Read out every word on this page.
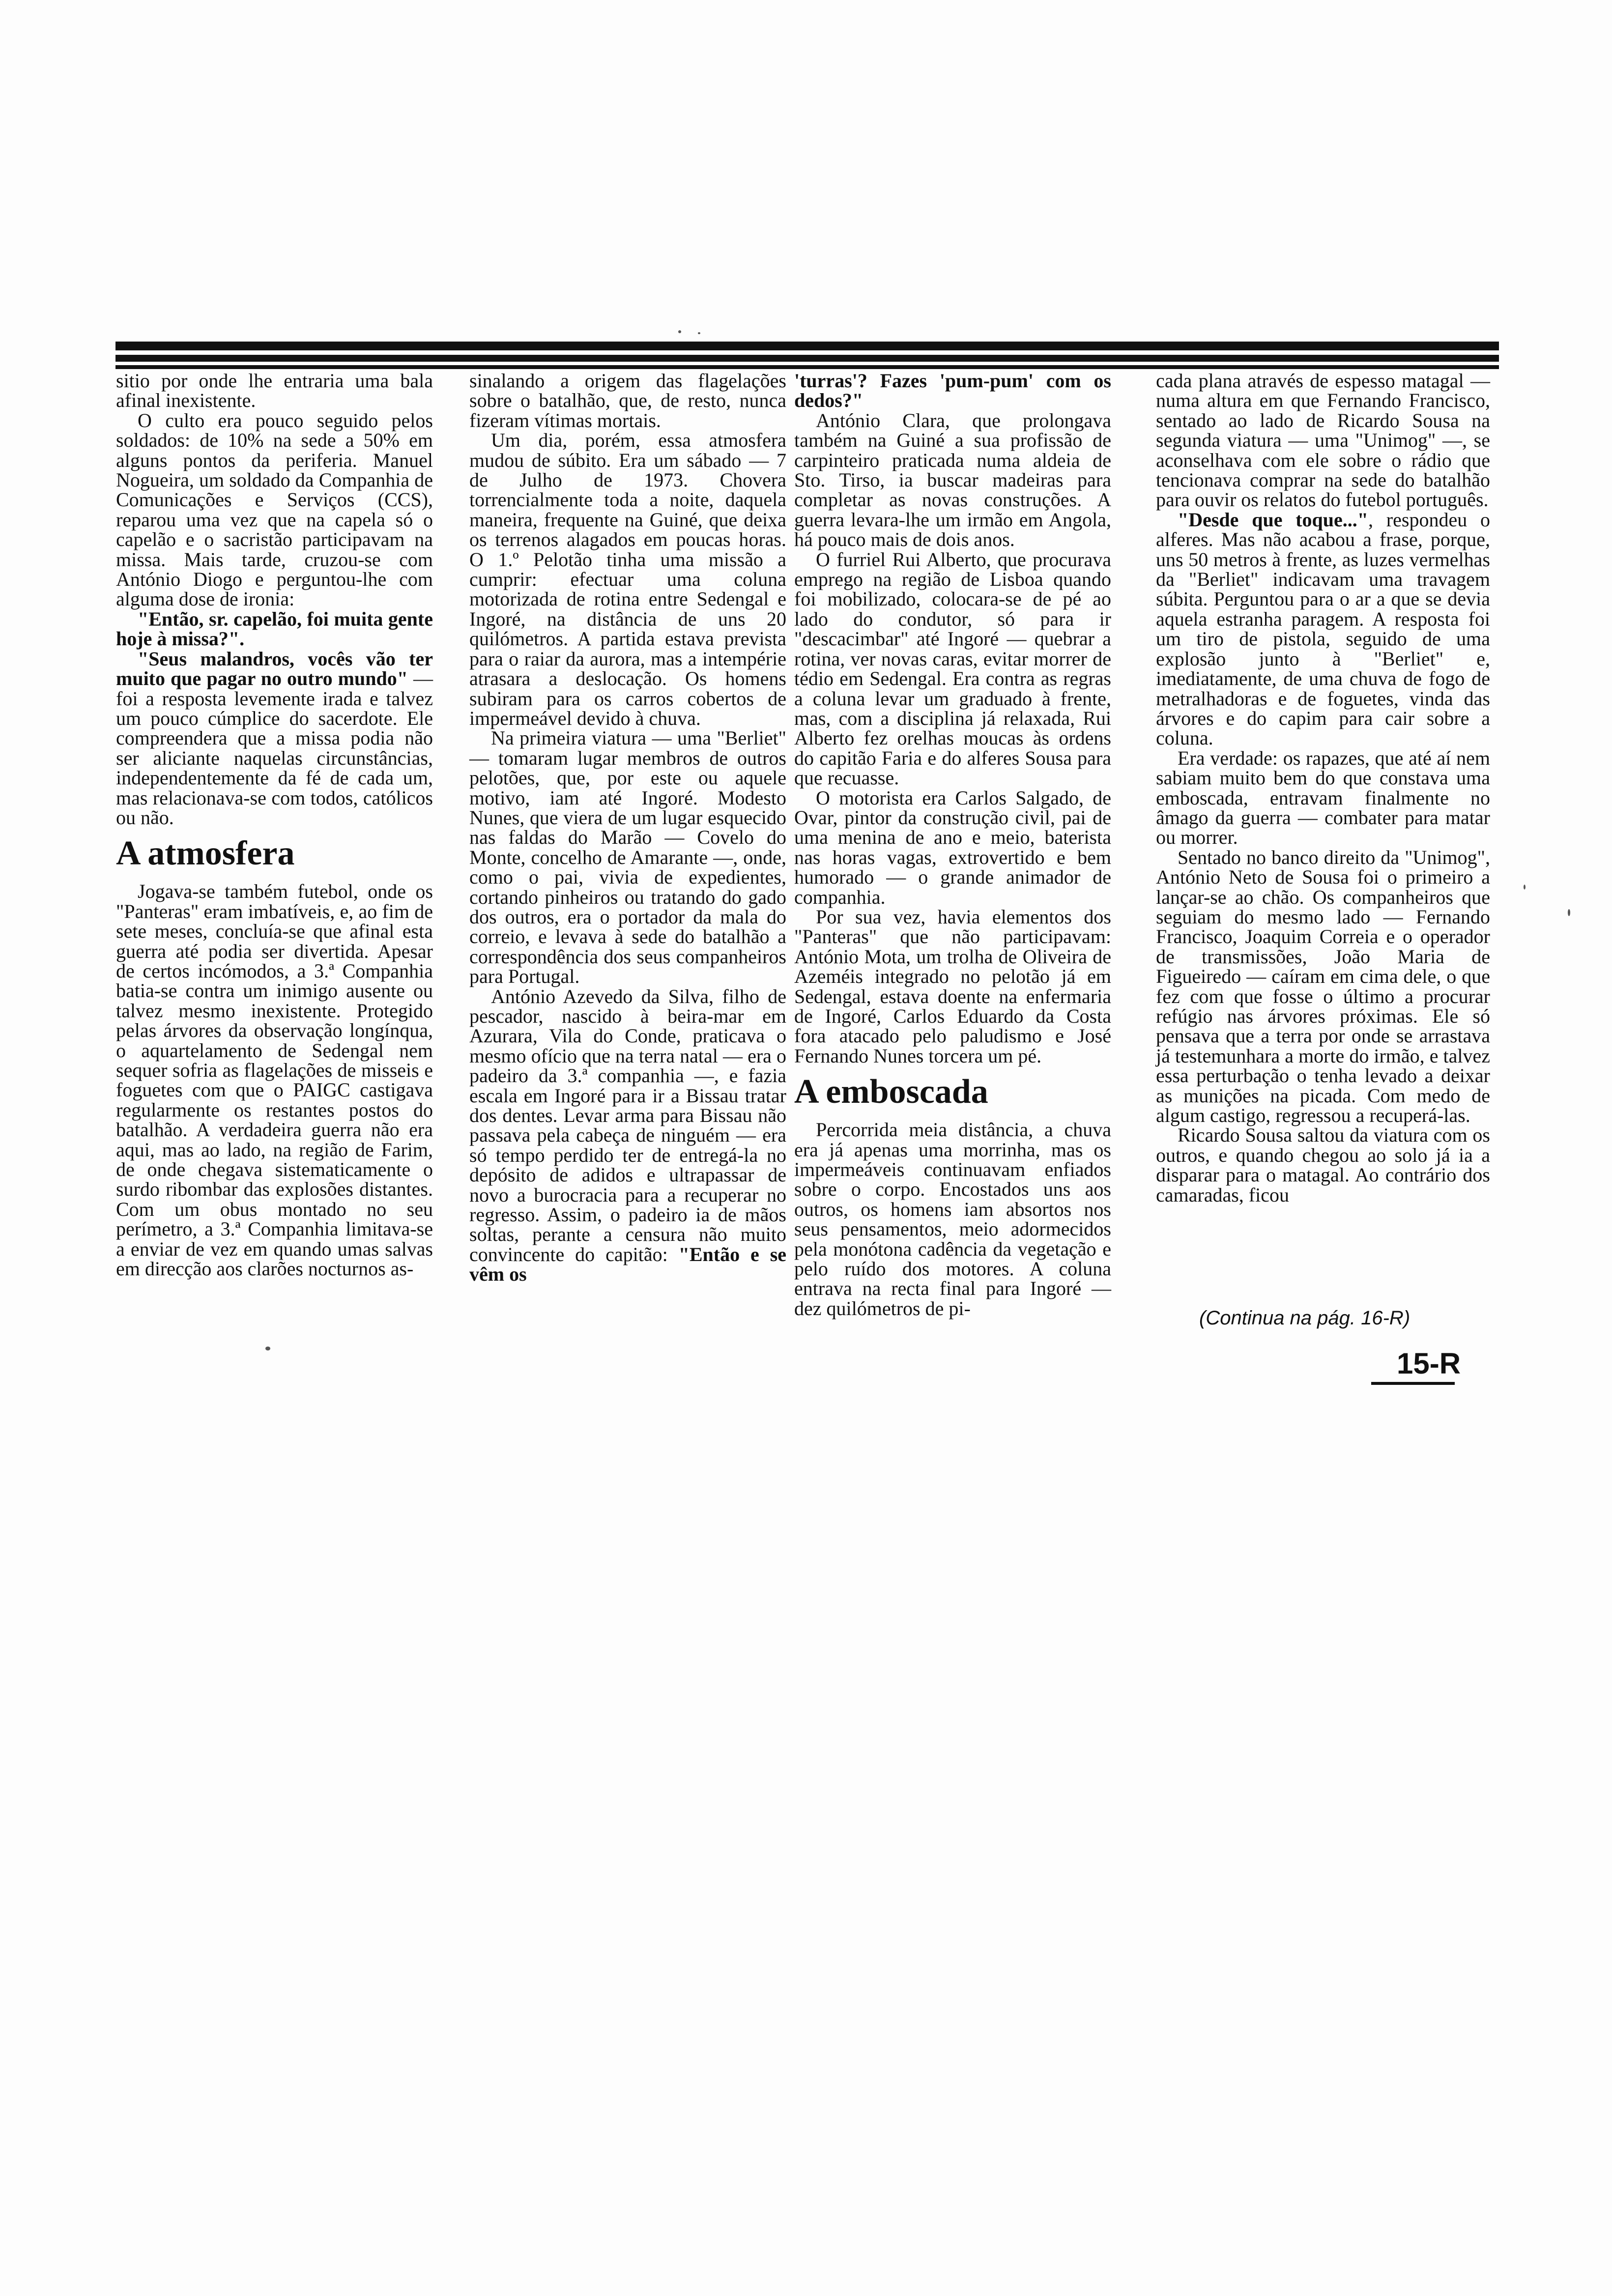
sitio por onde lhe entraria uma bala afinal inexistente.

O culto era pouco seguido pelos soldados: de 10% na sede a 50% em alguns pontos da periferia. Manuel Nogueira, um soldado da Companhia de Comunicações e Serviços (CCS), reparou uma vez que na capela só o capelão e o sacristão participavam na missa. Mais tarde, cruzou-se com António Diogo e perguntou-lhe com alguma dose de ironia:

"Então, sr. capelão, foi muita gente hoje à missa?".

"Seus malandros, vocês vão ter muito que pagar no outro mundo" — foi a resposta levemente irada e talvez um pouco cúmplice do sacerdote. Ele compreendera que a missa podia não ser aliciante naquelas circunstâncias, independentemente da fé de cada um, mas relacionava-se com todos, católicos ou não.

A atmosfera

Jogava-se também futebol, onde os "Panteras" eram imbatíveis, e, ao fim de sete meses, concluía-se que afinal esta guerra até podia ser divertida. Apesar de certos incómodos, a 3.ª Companhia batia-se contra um inimigo ausente ou talvez mesmo inexistente. Protegido pelas árvores da observação longínqua, o aquartelamento de Sedengal nem sequer sofria as flagelações de misseis e foguetes com que o PAIGC castigava regularmente os restantes postos do batalhão. A verdadeira guerra não era aqui, mas ao lado, na região de Farim, de onde chegava sistematicamente o surdo ribombar das explosões distantes. Com um obus montado no seu perímetro, a 3.ª Companhia limitava-se a enviar de vez em quando umas salvas em direcção aos clarões nocturnos as-

sinalando a origem das flagelações sobre o batalhão, que, de resto, nunca fizeram vítimas mortais.

Um dia, porém, essa atmosfera mudou de súbito. Era um sábado — 7 de Julho de 1973. Chovera torrencialmente toda a noite, daquela maneira, frequente na Guiné, que deixa os terrenos alagados em poucas horas. O 1.º Pelotão tinha uma missão a cumprir: efectuar uma coluna motorizada de rotina entre Sedengal e Ingoré, na distância de uns 20 quilómetros. A partida estava prevista para o raiar da aurora, mas a intempérie atrasara a deslocação. Os homens subiram para os carros cobertos de impermeável devido à chuva.

Na primeira viatura — uma "Berliet" — tomaram lugar membros de outros pelotões, que, por este ou aquele motivo, iam até Ingoré. Modesto Nunes, que viera de um lugar esquecido nas faldas do Marão — Covelo do Monte, concelho de Amarante —, onde, como o pai, vivia de expedientes, cortando pinheiros ou tratando do gado dos outros, era o portador da mala do correio, e levava à sede do batalhão a correspondência dos seus companheiros para Portugal.

António Azevedo da Silva, filho de pescador, nascido à beira-mar em Azurara, Vila do Conde, praticava o mesmo ofício que na terra natal — era o padeiro da 3.ª companhia —, e fazia escala em Ingoré para ir a Bissau tratar dos dentes. Levar arma para Bissau não passava pela cabeça de ninguém — era só tempo perdido ter de entregá-la no depósito de adidos e ultrapassar de novo a burocracia para a recuperar no regresso. Assim, o padeiro ia de mãos soltas, perante a censura não muito convincente do capitão: "Então e se vêm os

'turras'? Fazes 'pum-pum' com os dedos?"

António Clara, que prolongava também na Guiné a sua profissão de carpinteiro praticada numa aldeia de Sto. Tirso, ia buscar madeiras para completar as novas construções. A guerra levara-lhe um irmão em Angola, há pouco mais de dois anos.

O furriel Rui Alberto, que procurava emprego na região de Lisboa quando foi mobilizado, colocara-se de pé ao lado do condutor, só para ir "descacimbar" até Ingoré — quebrar a rotina, ver novas caras, evitar morrer de tédio em Sedengal. Era contra as regras a coluna levar um graduado à frente, mas, com a disciplina já relaxada, Rui Alberto fez orelhas moucas às ordens do capitão Faria e do alferes Sousa para que recuasse.

O motorista era Carlos Salgado, de Ovar, pintor da construção civil, pai de uma menina de ano e meio, baterista nas horas vagas, extrovertido e bem humorado — o grande animador de companhia.

Por sua vez, havia elementos dos "Panteras" que não participavam: António Mota, um trolha de Oliveira de Azeméis integrado no pelotão já em Sedengal, estava doente na enfermaria de Ingoré, Carlos Eduardo da Costa fora atacado pelo paludismo e José Fernando Nunes torcera um pé.

A emboscada

Percorrida meia distância, a chuva era já apenas uma morrinha, mas os impermeáveis continuavam enfiados sobre o corpo. Encostados uns aos outros, os homens iam absortos nos seus pensamentos, meio adormecidos pela monótona cadência da vegetação e pelo ruído dos motores. A coluna entrava na recta final para Ingoré — dez quilómetros de pi-

cada plana através de espesso matagal — numa altura em que Fernando Francisco, sentado ao lado de Ricardo Sousa na segunda viatura — uma "Unimog" —, se aconselhava com ele sobre o rádio que tencionava comprar na sede do batalhão para ouvir os relatos do futebol português.

"Desde que toque...", respondeu o alferes. Mas não acabou a frase, porque, uns 50 metros à frente, as luzes vermelhas da "Berliet" indicavam uma travagem súbita. Perguntou para o ar a que se devia aquela estranha paragem. A resposta foi um tiro de pistola, seguido de uma explosão junto à "Berliet" e, imediatamente, de uma chuva de fogo de metralhadoras e de foguetes, vinda das árvores e do capim para cair sobre a coluna.

Era verdade: os rapazes, que até aí nem sabiam muito bem do que constava uma emboscada, entravam finalmente no âmago da guerra — combater para matar ou morrer.

Sentado no banco direito da "Unimog", António Neto de Sousa foi o primeiro a lançar-se ao chão. Os companheiros que seguiam do mesmo lado — Fernando Francisco, Joaquim Correia e o operador de transmissões, João Maria de Figueiredo — caíram em cima dele, o que fez com que fosse o último a procurar refúgio nas árvores próximas. Ele só pensava que a terra por onde se arrastava já testemunhara a morte do irmão, e talvez essa perturbação o tenha levado a deixar as munições na picada. Com medo de algum castigo, regressou a recuperá-las.

Ricardo Sousa saltou da viatura com os outros, e quando chegou ao solo já ia a disparar para o matagal. Ao contrário dos camaradas, ficou

(Continua na pág. 16-R)
15-R
